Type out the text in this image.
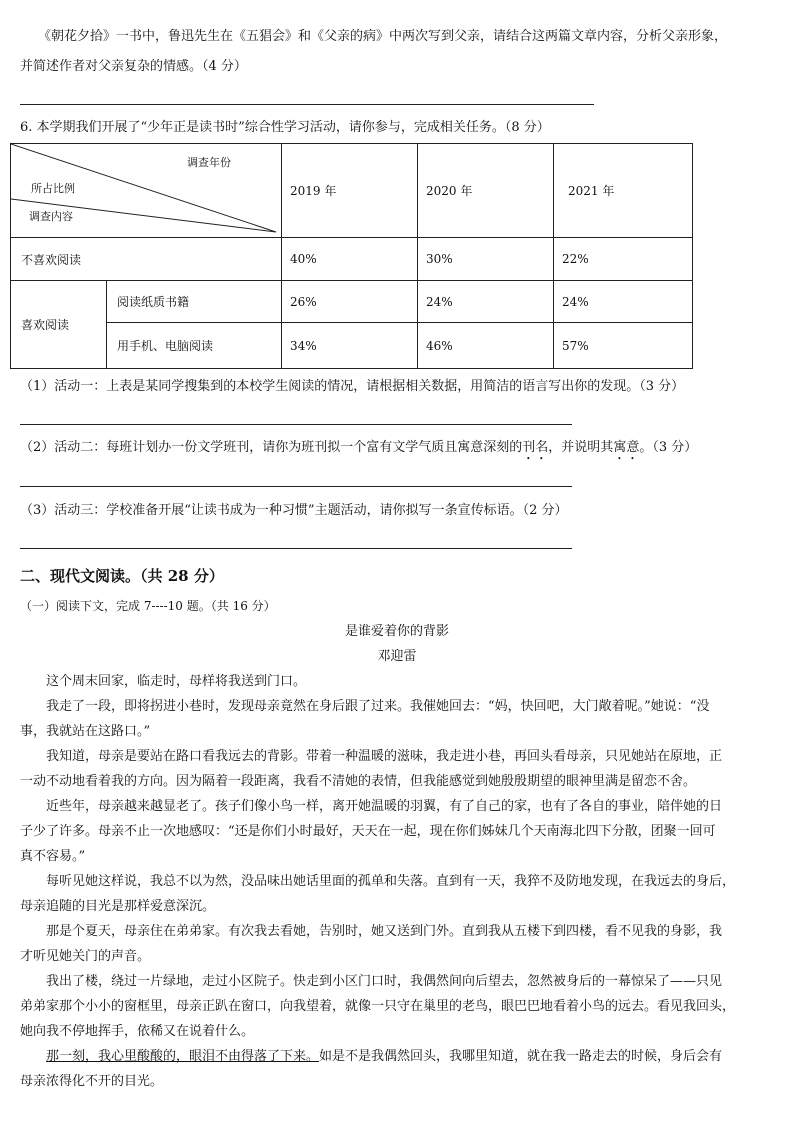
《朝花夕拾》一书中，鲁迅先生在《五猖会》和《父亲的病》中两次写到父亲，请结合这两篇文章内容，分析父亲形象，
并简述作者对父亲复杂的情感。（4 分）
6. 本学期我们开展了“少年正是读书时”综合性学习活动，请你参与，完成相关任务。（8 分）
调查年份
所占比例
调查内容		2019 年	2020 年	2021 年
不喜欢阅读		40%	30%	22%
喜欢阅读	阅读纸质书籍	26%	24%	24%
	用手机、电脑阅读	34%	46%	57%
（1）活动一：上表是某同学搜集到的本校学生阅读的情况，请根据相关数据，用简洁的语言写出你的发现。（3 分）
（2）活动二：每班计划办一份文学班刊，请你为班刊拟一个富有文学气质且寓意深刻的刊名，并说明其寓意。（3 分）
（3）活动三：学校准备开展“让读书成为一种习惯”主题活动，请你拟写一条宣传标语。（2 分）
二、现代文阅读。（共 28 分）
（一）阅读下文，完成 7----10 题。（共 16 分）
是谁爱着你的背影
邓迎雷
这个周末回家，临走时，母样将我送到门口。
我走了一段，即将拐进小巷时，发现母亲竟然在身后跟了过来。我催她回去：“妈，快回吧，大门敞着呢。”她说：“没
事，我就站在这路口。”
我知道，母亲是要站在路口看我远去的背影。带着一种温暖的滋味，我走进小巷，再回头看母亲，只见她站在原地，正
一动不动地看着我的方向。因为隔着一段距离，我看不清她的表情，但我能感觉到她殷殷期望的眼神里满是留恋不舍。
近些年，母亲越来越显老了。孩子们像小鸟一样，离开她温暖的羽翼，有了自己的家，也有了各自的事业，陪伴她的日
子少了许多。母亲不止一次地感叹：“还是你们小时最好，天天在一起，现在你们姊妹几个天南海北四下分散，团聚一回可
真不容易。”
每听见她这样说，我总不以为然，没品味出她话里面的孤单和失落。直到有一天，我猝不及防地发现，在我远去的身后，
母亲追随的目光是那样爱意深沉。
那是个夏天，母亲住在弟弟家。有次我去看她，告别时，她又送到门外。直到我从五楼下到四楼，看不见我的身影，我
才听见她关门的声音。
我出了楼，绕过一片绿地，走过小区院子。快走到小区门口时，我偶然间向后望去，忽然被身后的一幕惊呆了——只见
弟弟家那个小小的窗框里，母亲正趴在窗口，向我望着，就像一只守在巢里的老鸟，眼巴巴地看着小鸟的远去。看见我回头，
她向我不停地挥手，依稀又在说着什么。
那一刻，我心里酸酸的，眼泪不由得落了下来。如是不是我偶然回头，我哪里知道，就在我一路走去的时候，身后会有
母亲浓得化不开的目光。
